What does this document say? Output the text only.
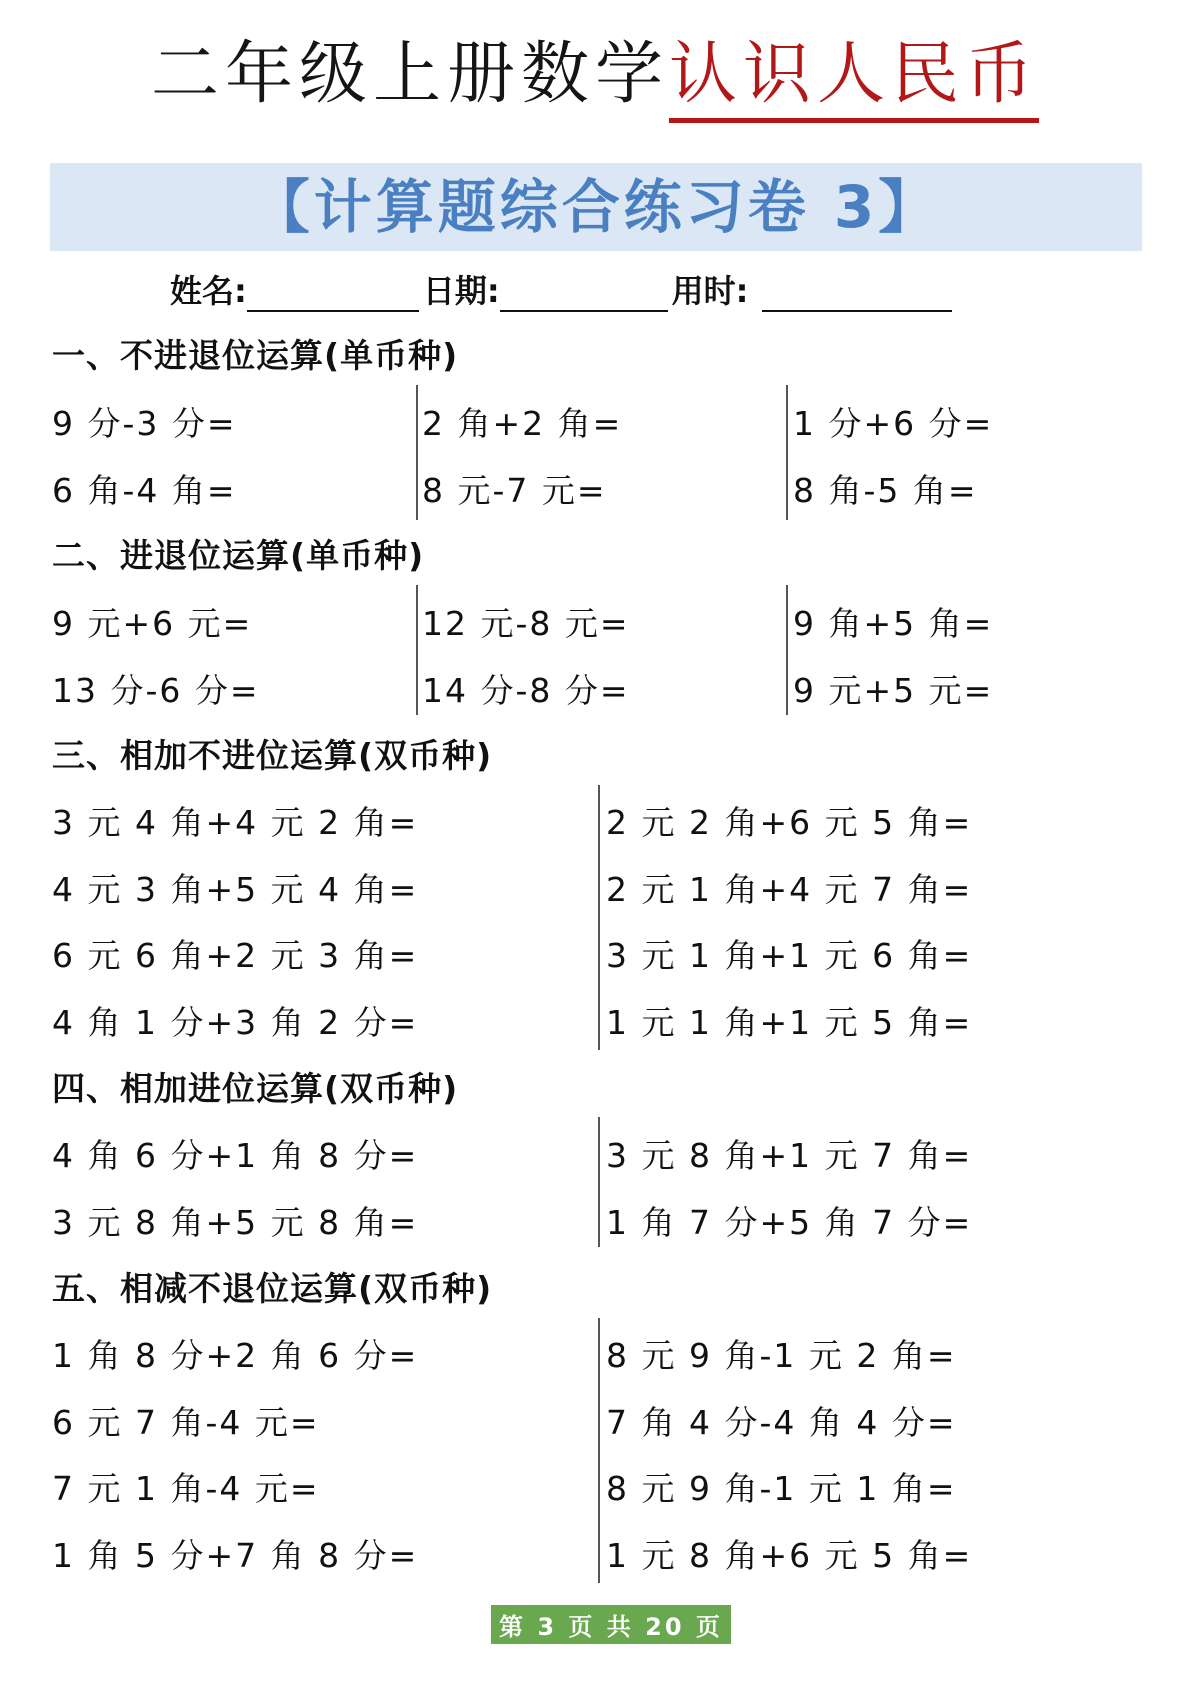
二年级上册数学认识人民币
【计算题综合练习卷 3】
姓名:	日期:	用时:
一、不进退位运算(单币种)
9 分-3 分=	2 角+2 角=	1 分+6 分=
6 角-4 角=	8 元-7 元=	8 角-5 角=
二、进退位运算(单币种)
9 元+6 元=	12 元-8 元=	9 角+5 角=
13 分-6 分=	14 分-8 分=	9 元+5 元=
三、相加不进位运算(双币种)
3 元 4 角+4 元 2 角=	2 元 2 角+6 元 5 角=
4 元 3 角+5 元 4 角=	2 元 1 角+4 元 7 角=
6 元 6 角+2 元 3 角=	3 元 1 角+1 元 6 角=
4 角 1 分+3 角 2 分=	1 元 1 角+1 元 5 角=
四、相加进位运算(双币种)
4 角 6 分+1 角 8 分=	3 元 8 角+1 元 7 角=
3 元 8 角+5 元 8 角=	1 角 7 分+5 角 7 分=
五、相减不退位运算(双币种)
1 角 8 分+2 角 6 分=	8 元 9 角-1 元 2 角=
6 元 7 角-4 元=	7 角 4 分-4 角 4 分=
7 元 1 角-4 元=	8 元 9 角-1 元 1 角=
1 角 5 分+7 角 8 分=	1 元 8 角+6 元 5 角=
第 3 页 共 20 页
